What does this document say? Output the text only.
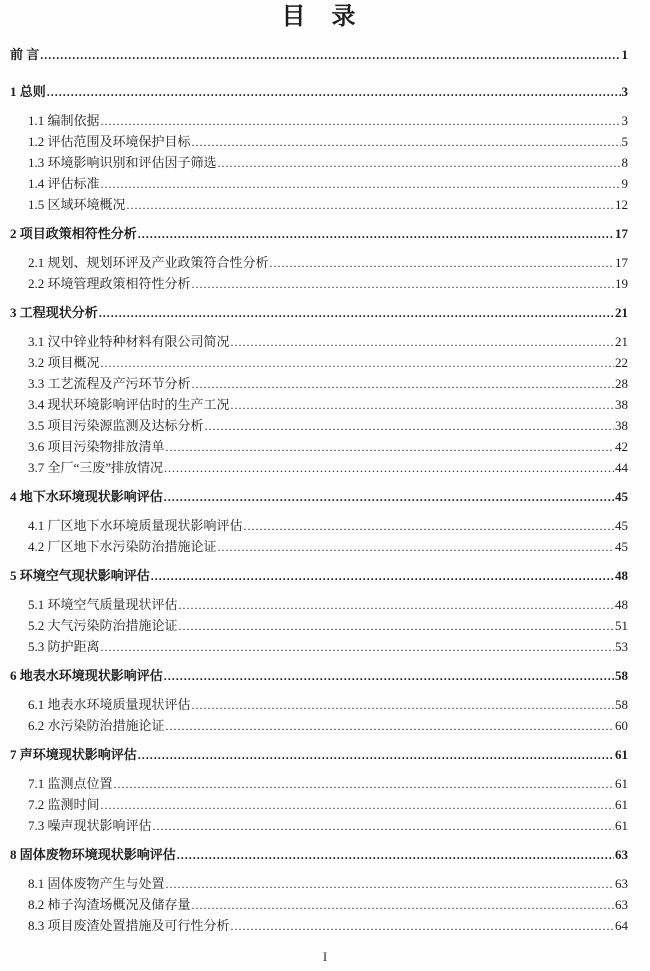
目　录
前 言 .....	1
1 总则 .....	3
1.1 编制依据 .....	3
1.2 评估范围及环境保护目标 .....	5
1.3 环境影响识别和评估因子筛选 .....	8
1.4 评估标准 .....	9
1.5 区域环境概况 .....	12
2 项目政策相符性分析 .....	17
2.1 规划、规划环评及产业政策符合性分析 .....	17
2.2 环境管理政策相符性分析 .....	19
3 工程现状分析 .....	21
3.1 汉中锌业特种材料有限公司简况 .....	21
3.2 项目概况 .....	22
3.3 工艺流程及产污环节分析 .....	28
3.4 现状环境影响评估时的生产工况 .....	38
3.5 项目污染源监测及达标分析 .....	38
3.6 项目污染物排放清单 .....	42
3.7 全厂“三废”排放情况 .....	44
4 地下水环境现状影响评估 .....	45
4.1 厂区地下水环境质量现状影响评估 .....	45
4.2 厂区地下水污染防治措施论证 .....	45
5 环境空气现状影响评估 .....	48
5.1 环境空气质量现状评估 .....	48
5.2 大气污染防治措施论证 .....	51
5.3 防护距离 .....	53
6 地表水环境现状影响评估 .....	58
6.1 地表水环境质量现状评估 .....	58
6.2 水污染防治措施论证 .....	60
7 声环境现状影响评估 .....	61
7.1 监测点位置 .....	61
7.2 监测时间 .....	61
7.3 噪声现状影响评估 .....	61
8 固体废物环境现状影响评估 .....	63
8.1 固体废物产生与处置 .....	63
8.2 柿子沟渣场概况及储存量 .....	63
8.3 项目废渣处置措施及可行性分析 .....	64
I
